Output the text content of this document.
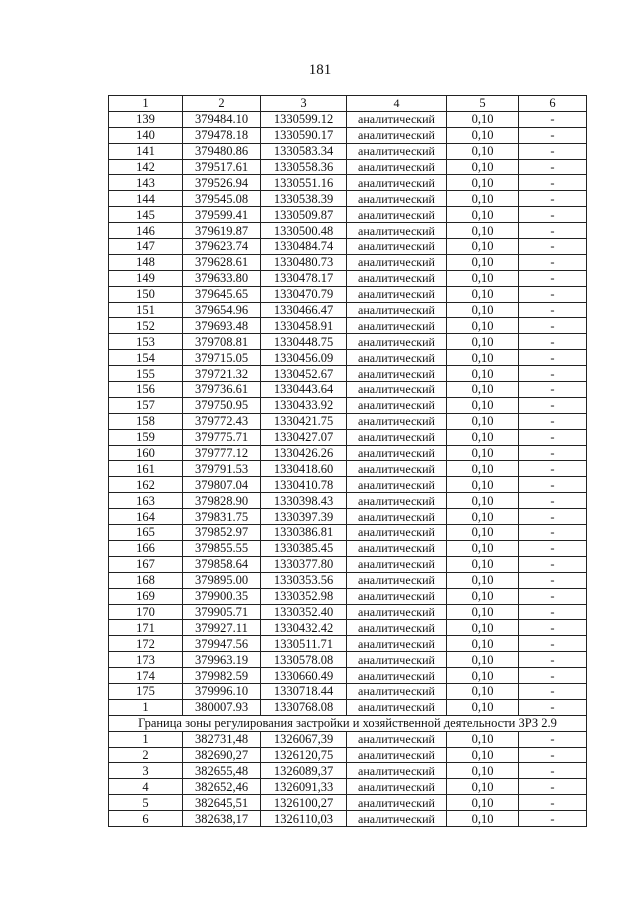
181
1	2	3	4	5	6
139	379484.10	1330599.12	аналитический	0,10	-
140	379478.18	1330590.17	аналитический	0,10	-
141	379480.86	1330583.34	аналитический	0,10	-
142	379517.61	1330558.36	аналитический	0,10	-
143	379526.94	1330551.16	аналитический	0,10	-
144	379545.08	1330538.39	аналитический	0,10	-
145	379599.41	1330509.87	аналитический	0,10	-
146	379619.87	1330500.48	аналитический	0,10	-
147	379623.74	1330484.74	аналитический	0,10	-
148	379628.61	1330480.73	аналитический	0,10	-
149	379633.80	1330478.17	аналитический	0,10	-
150	379645.65	1330470.79	аналитический	0,10	-
151	379654.96	1330466.47	аналитический	0,10	-
152	379693.48	1330458.91	аналитический	0,10	-
153	379708.81	1330448.75	аналитический	0,10	-
154	379715.05	1330456.09	аналитический	0,10	-
155	379721.32	1330452.67	аналитический	0,10	-
156	379736.61	1330443.64	аналитический	0,10	-
157	379750.95	1330433.92	аналитический	0,10	-
158	379772.43	1330421.75	аналитический	0,10	-
159	379775.71	1330427.07	аналитический	0,10	-
160	379777.12	1330426.26	аналитический	0,10	-
161	379791.53	1330418.60	аналитический	0,10	-
162	379807.04	1330410.78	аналитический	0,10	-
163	379828.90	1330398.43	аналитический	0,10	-
164	379831.75	1330397.39	аналитический	0,10	-
165	379852.97	1330386.81	аналитический	0,10	-
166	379855.55	1330385.45	аналитический	0,10	-
167	379858.64	1330377.80	аналитический	0,10	-
168	379895.00	1330353.56	аналитический	0,10	-
169	379900.35	1330352.98	аналитический	0,10	-
170	379905.71	1330352.40	аналитический	0,10	-
171	379927.11	1330432.42	аналитический	0,10	-
172	379947.56	1330511.71	аналитический	0,10	-
173	379963.19	1330578.08	аналитический	0,10	-
174	379982.59	1330660.49	аналитический	0,10	-
175	379996.10	1330718.44	аналитический	0,10	-
1	380007.93	1330768.08	аналитический	0,10	-
Граница зоны регулирования застройки и хозяйственной деятельности ЗРЗ 2.9					
1	382731,48	1326067,39	аналитический	0,10	-
2	382690,27	1326120,75	аналитический	0,10	-
3	382655,48	1326089,37	аналитический	0,10	-
4	382652,46	1326091,33	аналитический	0,10	-
5	382645,51	1326100,27	аналитический	0,10	-
6	382638,17	1326110,03	аналитический	0,10	-
